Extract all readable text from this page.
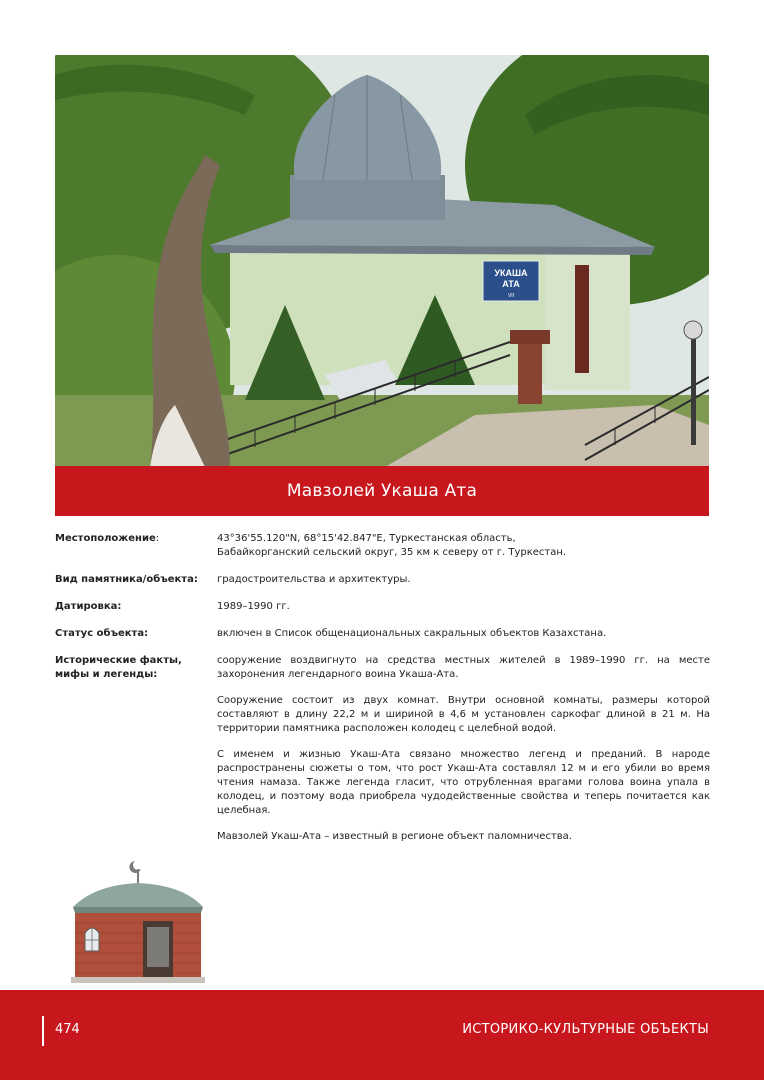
УКАША
АТА
VII
Мавзолей Укаша Ата
Местоположение:	43°36'55.120"N, 68°15'42.847"E, Туркестанская область,
Бабайкорганский сельский округ, 35 км к северу от г. Туркестан.
Вид памятника/объекта:	градостроительства и архитектуры.
Датировка:	1989–1990 гг.
Статус объекта:	включен в Список общенациональных сакральных объектов Казахстана.
Исторические факты,
мифы и легенды:

сооружение воздвигнуто на средства местных жителей в 1989–1990 гг. на месте захоронения легендарного воина Укаша-Ата.

Сооружение состоит из двух комнат. Внутри основной комнаты, размеры которой составляют в длину 22,2 м и шириной в 4,6 м установлен саркофаг длиной в 21 м. На территории памятника расположен колодец с целебной водой.

С именем и жизнью Укаш-Ата связано множество легенд и преданий. В народе распространены сюжеты о том, что рост Укаш-Ата составлял 12 м и его убили во время чтения намаза. Также легенда гласит, что отрубленная врагами голова воина упала в колодец, и поэтому вода приобрела чудодейственные свойства и теперь почитается как целебная.

Мавзолей Укаш-Ата – известный в регионе объект паломничества.

474	ИСТОРИКО-КУЛЬТУРНЫЕ ОБЪЕКТЫ
